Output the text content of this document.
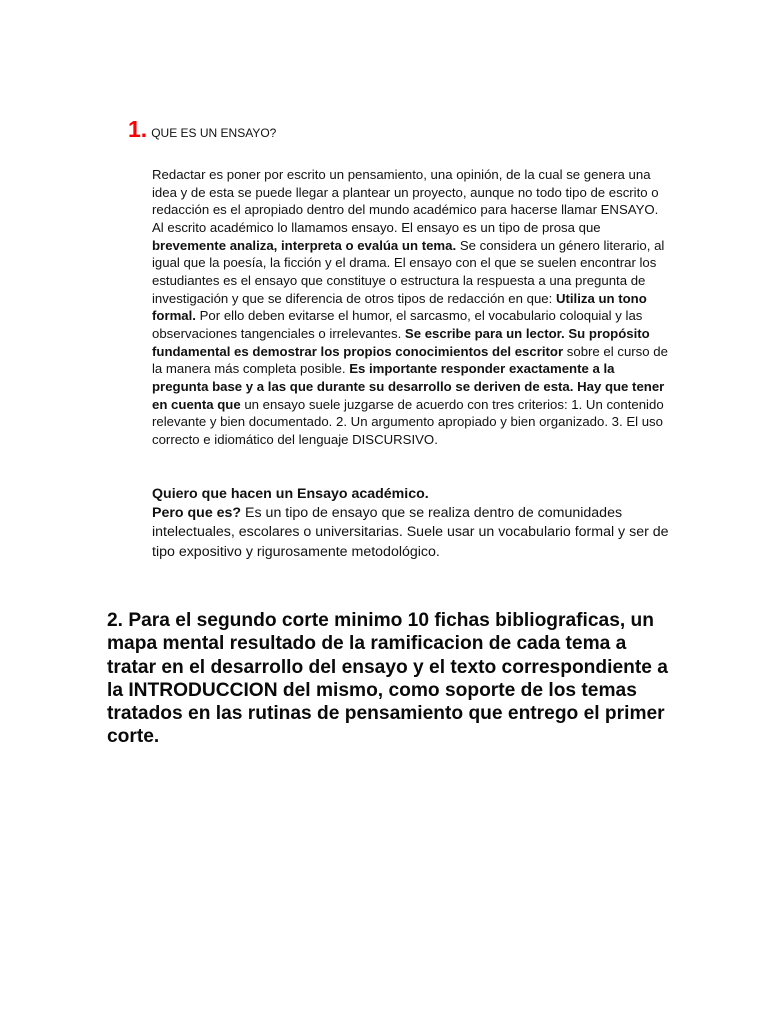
1. QUE ES UN ENSAYO?

Redactar es poner por escrito un pensamiento, una opinión, de la cual se genera una idea y de esta se puede llegar a plantear un proyecto, aunque no todo tipo de escrito o redacción es el apropiado dentro del mundo académico para hacerse llamar ENSAYO. Al escrito académico lo llamamos ensayo. El ensayo es un tipo de prosa que brevemente analiza, interpreta o evalúa un tema. Se considera un género literario, al igual que la poesía, la ficción y el drama. El ensayo con el que se suelen encontrar los estudiantes es el ensayo que constituye o estructura la respuesta a una pregunta de investigación y que se diferencia de otros tipos de redacción en que: Utiliza un tono formal. Por ello deben evitarse el humor, el sarcasmo, el vocabulario coloquial y las observaciones tangenciales o irrelevantes. Se escribe para un lector. Su propósito fundamental es demostrar los propios conocimientos del escritor sobre el curso de la manera más completa posible. Es importante responder exactamente a la pregunta base y a las que durante su desarrollo se deriven de esta. Hay que tener en cuenta que un ensayo suele juzgarse de acuerdo con tres criterios: 1. Un contenido relevante y bien documentado. 2. Un argumento apropiado y bien organizado. 3. El uso correcto e idiomático del lenguaje DISCURSIVO.

Quiero que hacen un Ensayo académico.

Pero que es? Es un tipo de ensayo que se realiza dentro de comunidades intelectuales, escolares o universitarias. Suele usar un vocabulario formal y ser de tipo expositivo y rigurosamente metodológico.

2. Para el segundo corte minimo 10 fichas bibliograficas, un mapa mental resultado de la ramificacion de cada tema a tratar en el desarrollo del ensayo y el texto correspondiente a la INTRODUCCION del mismo, como soporte de los temas tratados en las rutinas de pensamiento que entrego el primer corte.
